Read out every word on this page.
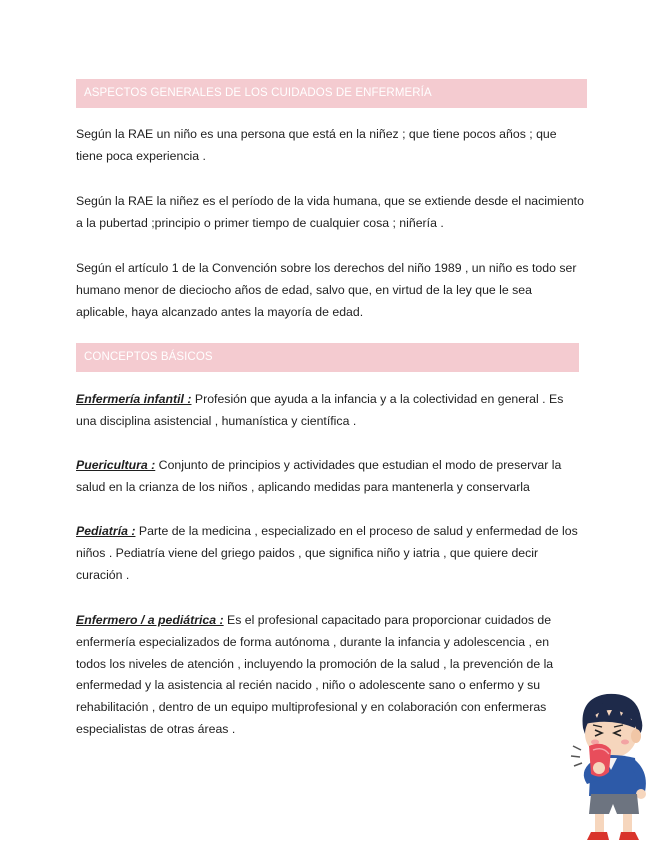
ASPECTOS GENERALES DE LOS CUIDADOS DE ENFERMERÍA

Según la RAE un niño es una persona que está en la niñez ; que tiene pocos años ; que tiene poca experiencia .

Según la RAE la niñez es el período de la vida humana, que se extiende desde el nacimiento a la pubertad ;principio o primer tiempo de cualquier cosa ; niñería .

Según el artículo 1 de la Convención sobre los derechos del niño 1989 , un niño es todo ser humano menor de dieciocho años de edad, salvo que, en virtud de la ley que le sea aplicable, haya alcanzado antes la mayoría de edad.

CONCEPTOS BÁSICOS

Enfermería infantil : Profesión que ayuda a la infancia y a la colectividad en general . Es una disciplina asistencial , humanística y científica .

Puericultura : Conjunto de principios y actividades que estudian el modo de preservar la salud en la crianza de los niños , aplicando medidas para mantenerla y conservarla

Pediatría : Parte de la medicina , especializado en el proceso de salud y enfermedad de los niños . Pediatría viene del griego paidos , que significa niño y iatria , que quiere decir curación .

Enfermero / a pediátrica : Es el profesional capacitado para proporcionar cuidados de enfermería especializados de forma autónoma , durante la infancia y adolescencia , en todos los niveles de atención , incluyendo la promoción de la salud , la prevención de la enfermedad y la asistencia al recién nacido , niño o adolescente sano o enfermo y su rehabilitación , dentro de un equipo multiprofesional y en colaboración con enfermeras especialistas de otras áreas .
